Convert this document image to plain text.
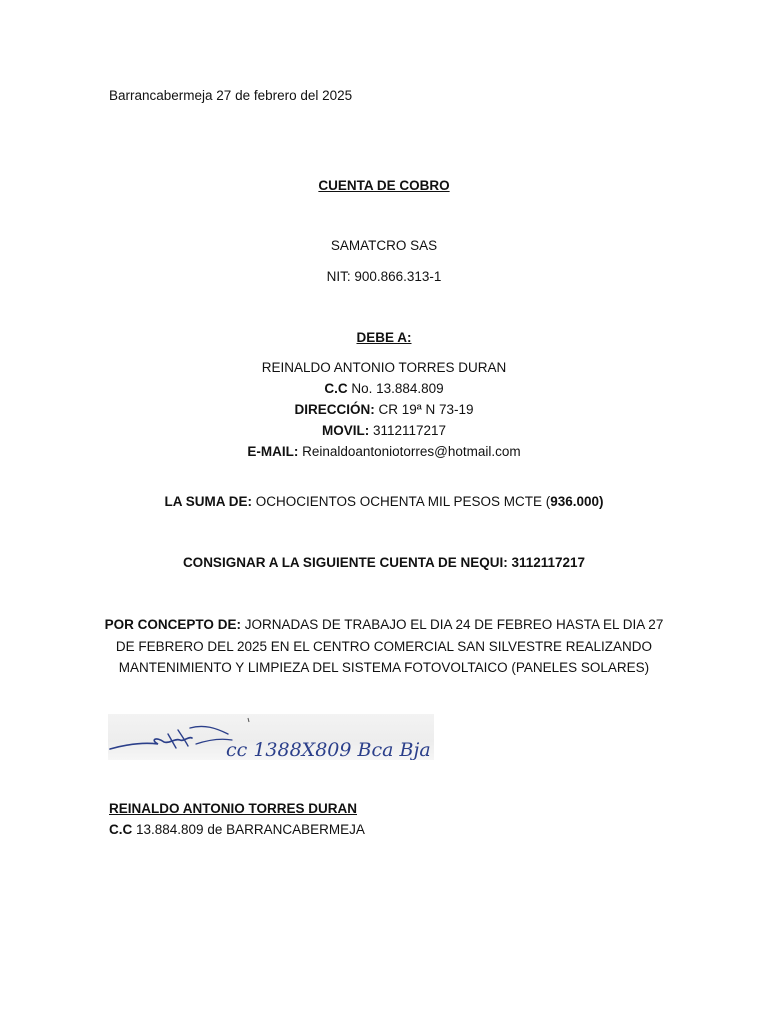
Barrancabermeja 27 de febrero del 2025
CUENTA DE COBRO
SAMATCRO SAS
NIT: 900.866.313-1
DEBE A:
REINALDO ANTONIO TORRES DURAN
C.C No. 13.884.809
DIRECCIÓN: CR 19ª N 73-19
MOVIL: 3112117217
E-MAIL: Reinaldoantoniotorres@hotmail.com
LA SUMA DE: OCHOCIENTOS OCHENTA MIL PESOS MCTE (936.000)
CONSIGNAR A LA SIGUIENTE CUENTA DE NEQUI: 3112117217
POR CONCEPTO DE: JORNADAS DE TRABAJO EL DIA 24 DE FEBREO HASTA EL DIA 27 DE FEBRERO DEL 2025 EN EL CENTRO COMERCIAL SAN SILVESTRE REALIZANDO MANTENIMIENTO Y LIMPIEZA DEL SISTEMA FOTOVOLTAICO (PANELES SOLARES)
cc 1388X809 Bca Bja
REINALDO ANTONIO TORRES DURAN
C.C 13.884.809 de BARRANCABERMEJA
